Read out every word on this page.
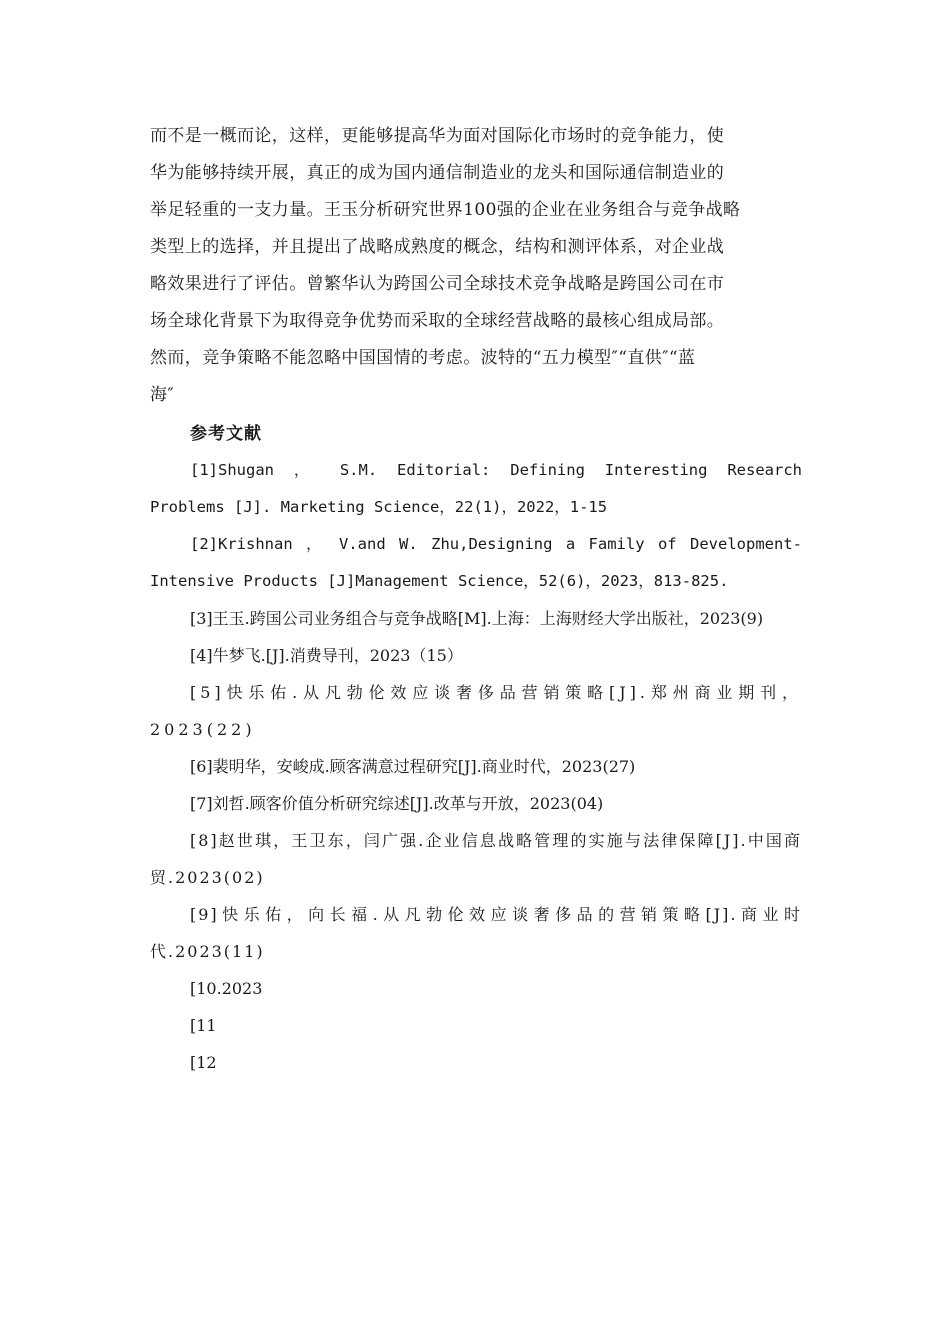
而不是一概而论，这样，更能够提高华为面对国际化市场时的竞争能力，使

华为能够持续开展，真正的成为国内通信制造业的龙头和国际通信制造业的

举足轻重的一支力量。王玉分析研究世界100强的企业在业务组合与竞争战略

类型上的选择，并且提出了战略成熟度的概念，结构和测评体系，对企业战

略效果进行了评估。曾繁华认为跨国公司全球技术竞争战略是跨国公司在市

场全球化背景下为取得竞争优势而采取的全球经营战略的最核心组成局部。

然而，竞争策略不能忽略中国国情的考虑。波特的“五力模型″“直供″“蓝

海″

参考文献

[1]Shugan ， S.M. Editorial: Defining Interesting Research Problems [J]. Marketing Science，22(1)，2022，1-15

[2]Krishnan ， V.and W. Zhu,Designing a Family of Development-Intensive Products [J]Management Science，52(6)，2023，813-825.

[3]王玉.跨国公司业务组合与竞争战略[M].上海：上海财经大学出版社，2023(9)

[4]牛梦飞.[J].消费导刊，2023（15）

[5]快乐佑.从凡勃伦效应谈奢侈品营销策略[J].郑州商业期刊，2023(22)

[6]裴明华，安峻成.顾客满意过程研究[J].商业时代，2023(27)

[7]刘哲.顾客价值分析研究综述[J].改革与开放，2023(04)

[8]赵世琪，王卫东，闫广强.企业信息战略管理的实施与法律保障[J].中国商贸.2023(02)

[9]快乐佑，向长福.从凡勃伦效应谈奢侈品的营销策略[J].商业时代.2023(11)

[10.2023

[11

[12
